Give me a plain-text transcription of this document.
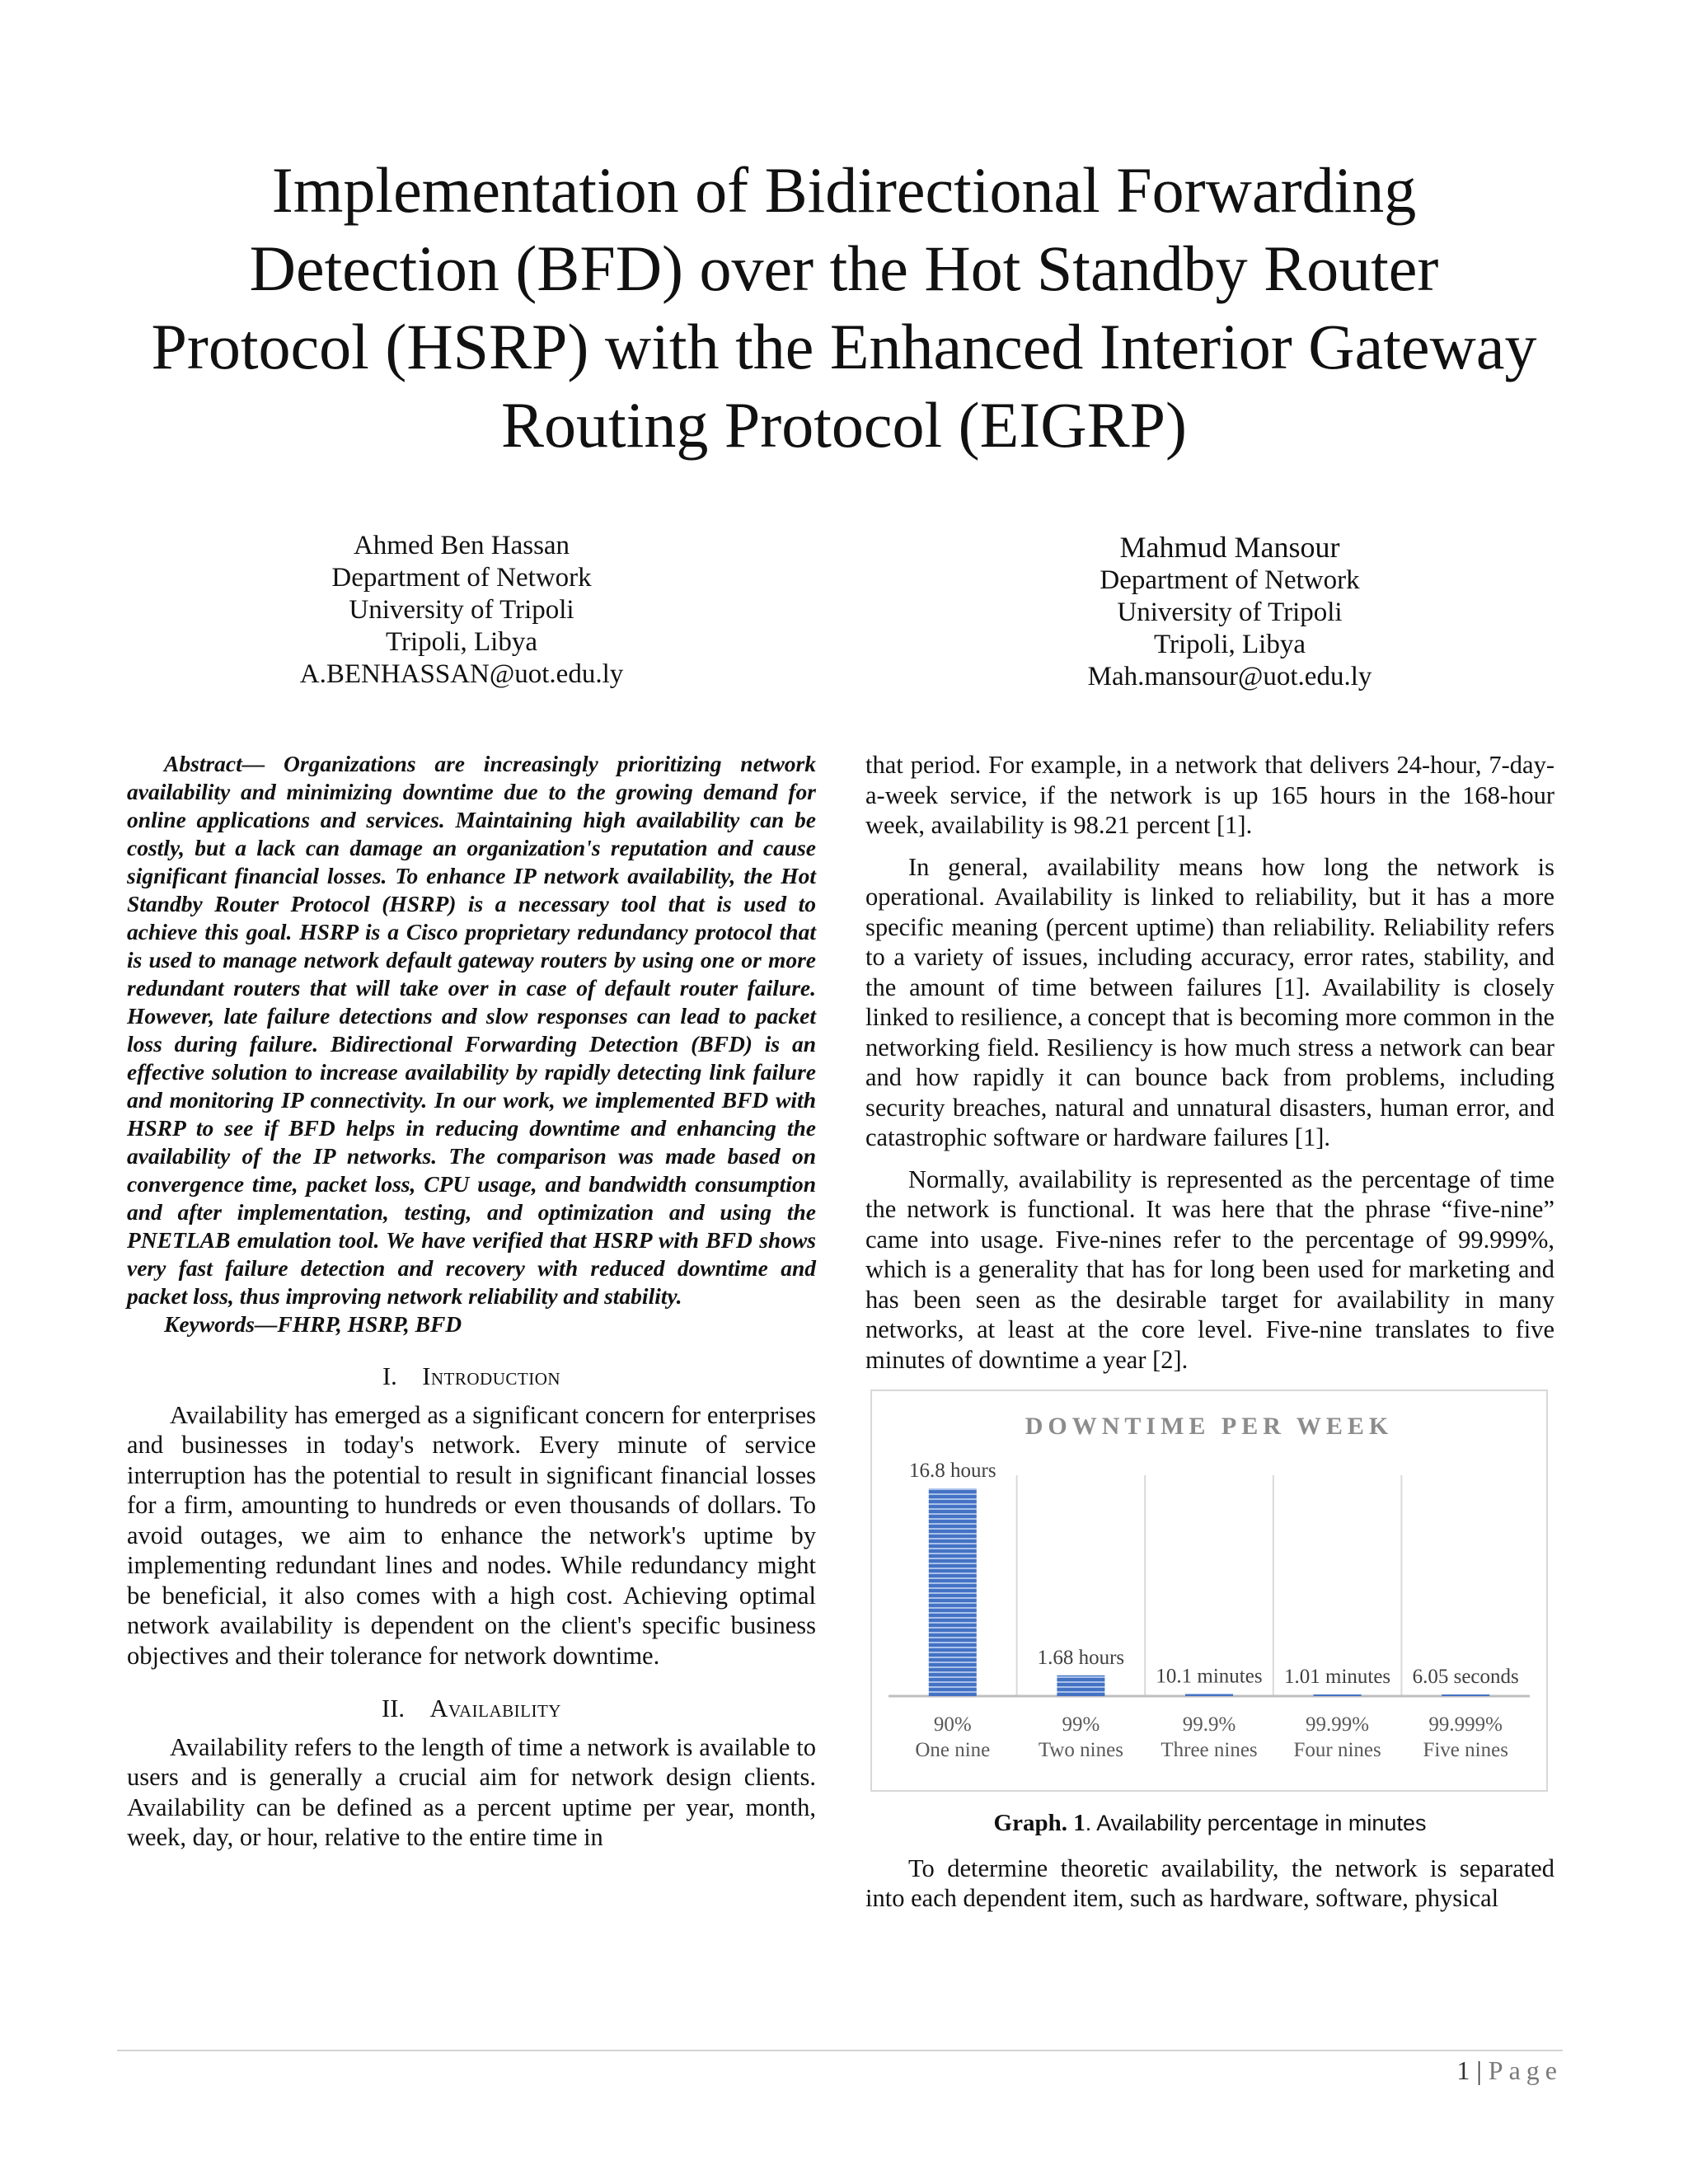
Implementation of Bidirectional Forwarding
Detection (BFD) over the Hot Standby Router
Protocol (HSRP) with the Enhanced Interior Gateway
Routing Protocol (EIGRP)
Ahmed Ben Hassan
Department of Network
University of Tripoli
Tripoli, Libya
A.BENHASSAN@uot.edu.ly
Mahmud Mansour
Department of Network
University of Tripoli
Tripoli, Libya
Mah.mansour@uot.edu.ly

Abstract— Organizations are increasingly prioritizing network availability and minimizing downtime due to the growing demand for online applications and services. Maintaining high availability can be costly, but a lack can damage an organization's reputation and cause significant financial losses. To enhance IP network availability, the Hot Standby Router Protocol (HSRP) is a necessary tool that is used to achieve this goal. HSRP is a Cisco proprietary redundancy protocol that is used to manage network default gateway routers by using one or more redundant routers that will take over in case of default router failure. However, late failure detections and slow responses can lead to packet loss during failure. Bidirectional Forwarding Detection (BFD) is an effective solution to increase availability by rapidly detecting link failure and monitoring IP connectivity. In our work, we implemented BFD with HSRP to see if BFD helps in reducing downtime and enhancing the availability of the IP networks. The comparison was made based on convergence time, packet loss, CPU usage, and bandwidth consumption and after implementation, testing, and optimization and using the PNETLAB emulation tool. We have verified that HSRP with BFD shows very fast failure detection and recovery with reduced downtime and packet loss, thus improving network reliability and stability.

Keywords—FHRP, HSRP, BFD

I. Introduction

Availability has emerged as a significant concern for enterprises and businesses in today's network. Every minute of service interruption has the potential to result in significant financial losses for a firm, amounting to hundreds or even thousands of dollars. To avoid outages, we aim to enhance the network's uptime by implementing redundant lines and nodes. While redundancy might be beneficial, it also comes with a high cost. Achieving optimal network availability is dependent on the client's specific business objectives and their tolerance for network downtime.

II. Availability

Availability refers to the length of time a network is available to users and is generally a crucial aim for network design clients. Availability can be defined as a percent uptime per year, month, week, day, or hour, relative to the entire time in

that period. For example, in a network that delivers 24-hour, 7-day-a-week service, if the network is up 165 hours in the 168-hour week, availability is 98.21 percent [1].

In general, availability means how long the network is operational. Availability is linked to reliability, but it has a more specific meaning (percent uptime) than reliability. Reliability refers to a variety of issues, including accuracy, error rates, stability, and the amount of time between failures [1]. Availability is closely linked to resilience, a concept that is becoming more common in the networking field. Resiliency is how much stress a network can bear and how rapidly it can bounce back from problems, including security breaches, natural and unnatural disasters, human error, and catastrophic software or hardware failures [1].

Normally, availability is represented as the percentage of time the network is functional. It was here that the phrase “five-nine” came into usage. Five-nines refer to the percentage of 99.999%, which is a generality that has for long been used for marketing and has been seen as the desirable target for availability in many networks, at least at the core level. Five-nine translates to five minutes of downtime a year [2].

DOWNTIME PER WEEK
16.8 hours
90%
One nine
1.68 hours
99%
Two nines
10.1 minutes
99.9%
Three nines
1.01 minutes
99.99%
Four nines
6.05 seconds
99.999%
Five nines
Graph. 1. Availability percentage in minutes

To determine theoretic availability, the network is separated into each dependent item, such as hardware, software, physical

1 | Page
